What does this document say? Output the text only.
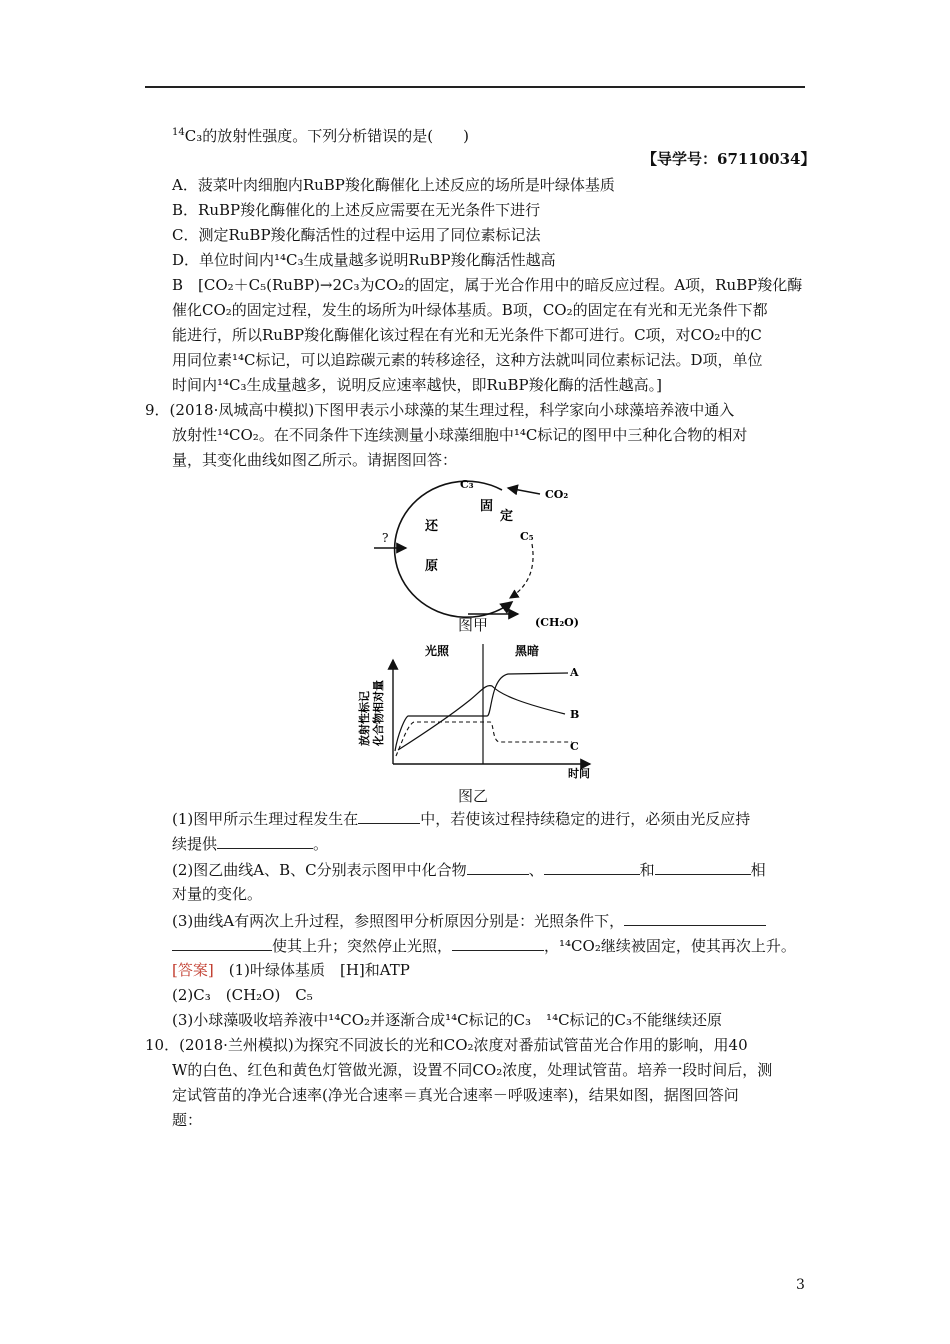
$^{14}$C₃的放射性强度。下列分析错误的是(　　)
【导学号：67110034】
A．菠菜叶肉细胞内RuBP羧化酶催化上述反应的场所是叶绿体基质
B．RuBP羧化酶催化的上述反应需要在无光条件下进行
C．测定RuBP羧化酶活性的过程中运用了同位素标记法
D．单位时间内¹⁴C₃生成量越多说明RuBP羧化酶活性越高
B　[CO₂＋C₅(RuBP)→2C₃为CO₂的固定，属于光合作用中的暗反应过程。A项，RuBP羧化酶
催化CO₂的固定过程，发生的场所为叶绿体基质。B项，CO₂的固定在有光和无光条件下都
能进行，所以RuBP羧化酶催化该过程在有光和无光条件下都可进行。C项，对CO₂中的C
用同位素¹⁴C标记，可以追踪碳元素的转移途径，这种方法就叫同位素标记法。D项，单位
时间内¹⁴C₃生成量越多，说明反应速率越快，即RuBP羧化酶的活性越高。]
9．(2018·凤城高中模拟)下图甲表示小球藻的某生理过程，科学家向小球藻培养液中通入
放射性¹⁴CO₂。在不同条件下连续测量小球藻细胞中¹⁴C标记的图甲中三种化合物的相对
量，其变化曲线如图乙所示。请据图回答：
C₃
CO₂
C₅
(CH₂O)
?
固
定
还
原
图甲
光照	黑暗
A
B
C
时间
放射性标记 化合物相对量
图乙
(1)图甲所示生理过程发生在	中，若使该过程持续稳定的进行，必须由光反应持
续提供	。
(2)图乙曲线A、B、C分别表示图甲中化合物	、	和	相
对量的变化。
(3)曲线A有两次上升过程，参照图甲分析原因分别是：光照条件下，
使其上升；突然停止光照，	，¹⁴CO₂继续被固定，使其再次上升。
[答案]　 (1)叶绿体基质　[H]和ATP
(2)C₃　(CH₂O)　C₅
(3)小球藻吸收培养液中¹⁴CO₂并逐渐合成¹⁴C标记的C₃　¹⁴C标记的C₃不能继续还原
10．(2018·兰州模拟)为探究不同波长的光和CO₂浓度对番茄试管苗光合作用的影响，用40
W的白色、红色和黄色灯管做光源，设置不同CO₂浓度，处理试管苗。培养一段时间后，测
定试管苗的净光合速率(净光合速率＝真光合速率－呼吸速率)，结果如图，据图回答问
题：
3
